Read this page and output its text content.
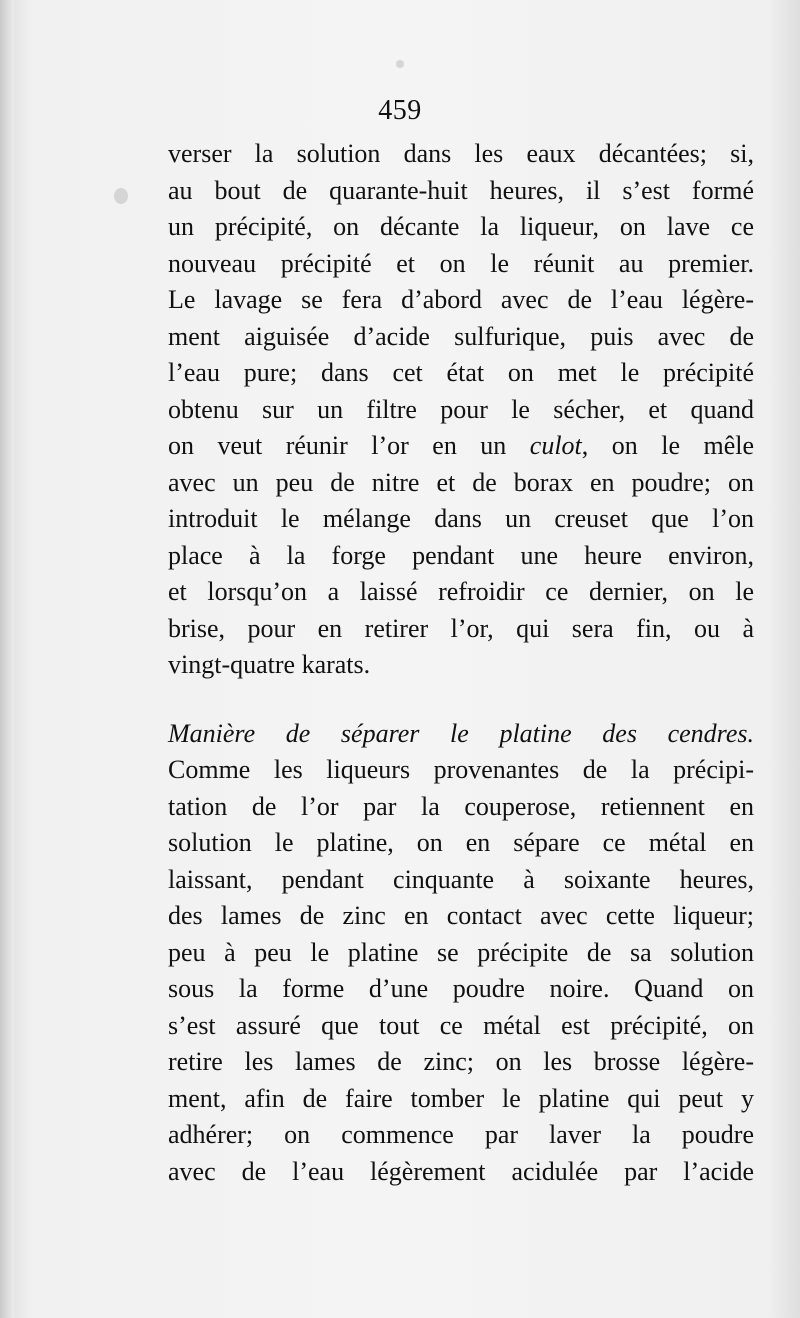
459
verser la solution dans les eaux décantées; si,
au bout de quarante-huit heures, il s’est formé
un précipité, on décante la liqueur, on lave ce
nouveau précipité et on le réunit au premier.
Le lavage se fera d’abord avec de l’eau légère-
ment aiguisée d’acide sulfurique, puis avec de
l’eau pure; dans cet état on met le précipité
obtenu sur un filtre pour le sécher, et quand
on veut réunir l’or en un culot, on le mêle
avec un peu de nitre et de borax en poudre; on
introduit le mélange dans un creuset que l’on
place à la forge pendant une heure environ,
et lorsqu’on a laissé refroidir ce dernier, on le
brise, pour en retirer l’or, qui sera fin, ou à
vingt-quatre karats.
Manière de séparer le platine des cendres.
Comme les liqueurs provenantes de la précipi-
tation de l’or par la couperose, retiennent en
solution le platine, on en sépare ce métal en
laissant, pendant cinquante à soixante heures,
des lames de zinc en contact avec cette liqueur;
peu à peu le platine se précipite de sa solution
sous la forme d’une poudre noire. Quand on
s’est assuré que tout ce métal est précipité, on
retire les lames de zinc; on les brosse légère-
ment, afin de faire tomber le platine qui peut y
adhérer; on commence par laver la poudre
avec de l’eau légèrement acidulée par l’acide
